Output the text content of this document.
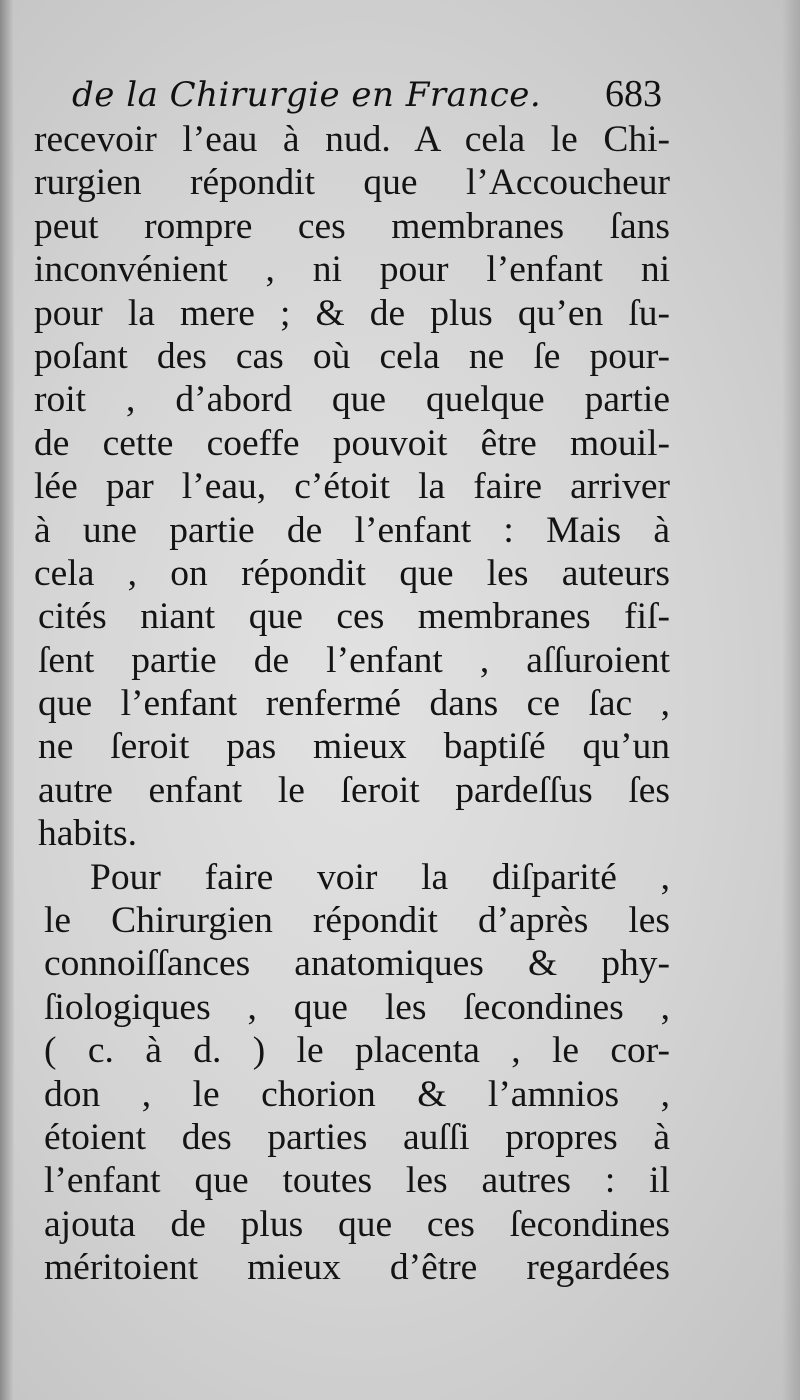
de la Chirurgie en France. 683
recevoir l’eau à nud. A cela le Chi-
rurgien répondit que l’Accoucheur
peut rompre ces membranes ſans
inconvénient , ni pour l’enfant ni
pour la mere ; & de plus qu’en ſu-
poſant des cas où cela ne ſe pour-
roit , d’abord que quelque partie
de cette coeffe pouvoit être mouil-
lée par l’eau, c’étoit la faire arriver
à une partie de l’enfant : Mais à
cela , on répondit que les auteurs
cités niant que ces membranes fiſ-
ſent partie de l’enfant , aſſuroient
que l’enfant renfermé dans ce ſac ,
ne ſeroit pas mieux baptiſé qu’un
autre enfant le ſeroit pardeſſus ſes
habits.
Pour faire voir la diſparité ,
le Chirurgien répondit d’après les
connoiſſances anatomiques & phy-
ſiologiques , que les ſecondines ,
( c. à d. ) le placenta , le cor-
don , le chorion & l’amnios ,
étoient des parties auſſi propres à
l’enfant que toutes les autres : il
ajouta de plus que ces ſecondines
méritoient mieux d’être regardées
